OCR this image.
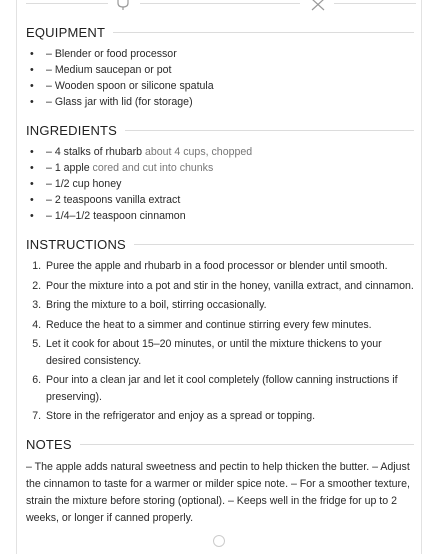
EQUIPMENT
• – Blender or food processor
• – Medium saucepan or pot
• – Wooden spoon or silicone spatula
• – Glass jar with lid (for storage)
INGREDIENTS
• – 4 stalks of rhubarb about 4 cups, chopped
• – 1 apple cored and cut into chunks
• – 1/2 cup honey
• – 2 teaspoons vanilla extract
• – 1/4–1/2 teaspoon cinnamon
INSTRUCTIONS
1. Puree the apple and rhubarb in a food processor or blender until smooth.
2. Pour the mixture into a pot and stir in the honey, vanilla extract, and cinnamon.
3. Bring the mixture to a boil, stirring occasionally.
4. Reduce the heat to a simmer and continue stirring every few minutes.
5. Let it cook for about 15–20 minutes, or until the mixture thickens to your desired consistency.
6. Pour into a clean jar and let it cool completely (follow canning instructions if preserving).
7. Store in the refrigerator and enjoy as a spread or topping.
NOTES

– The apple adds natural sweetness and pectin to help thicken the butter. – Adjust the cinnamon to taste for a warmer or milder spice note. – For a smoother texture, strain the mixture before storing (optional). – Keeps well in the fridge for up to 2 weeks, or longer if canned properly.
